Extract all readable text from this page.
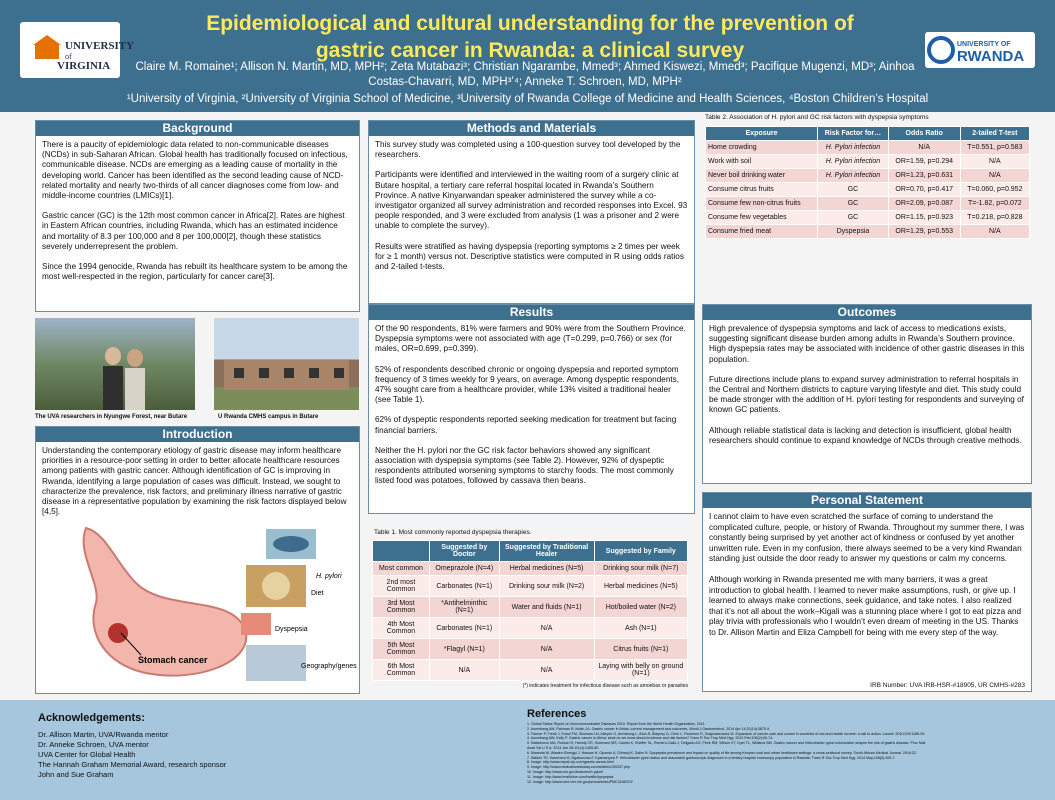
UNIVERSITY
of
VIRGINIA
Epidemiological and cultural understanding for the prevention of
gastric cancer in Rwanda: a clinical survey
Claire M. Romaine¹; Allison N. Martin, MD, MPH²; Zeta Mutabazi³; Christian Ngarambe, Mmed³; Ahmed Kiswezi, Mmed³; Pacifique Mugenzi, MD³; Ainhoa Costas-Chavarri, MD, MPH³ʼ⁴; Anneke T. Schroen, MD, MPH²
¹University of Virginia, ²University of Virginia School of Medicine, ³University of Rwanda College of Medicine and Health Sciences, ⁴Boston Children’s Hospital
UNIVERSITY OF
RWANDA
Background

There is a paucity of epidemiologic data related to non-communicable diseases (NCDs) in sub-Saharan African. Global health has traditionally focused on infectious, communicable disease. NCDs are emerging as a leading cause of mortality in the developing world. Cancer has been identified as the second leading cause of NCD-related mortality and nearly two-thirds of all cancer diagnoses come from low- and middle-income countries (LMICs)[1].

Gastric cancer (GC) is the 12th most common cancer in Africa[2]. Rates are highest in Eastern African countries, including Rwanda, which has an estimated incidence and mortality of 8.3 per 100,000 and 8 per 100,000[2], though these statistics severely underrepresent the problem.

Since the 1994 genocide, Rwanda has rebuilt its healthcare system to be among the most well-respected in the region, particularly for cancer care[3].

The UVA researchers in Nyungwe Forest, near Butare	U Rwanda CMHS campus in Butare
Introduction

Understanding the contemporary etiology of gastric disease may inform healthcare priorities in a resource-poor setting in order to better allocate healthcare resources among patients with gastric cancer. Although identification of GC is improving in Rwanda, identifying a large population of cases was difficult. Instead, we sought to characterize the prevalence, risk factors, and preliminary illness narrative of gastric disease in a representative population by examining the risk factors displayed below [4,5].

Stomach cancer
H. pylori
Diet
Dyspepsia
Geography/genes
Methods and Materials

This survey study was completed using a 100-question survey tool developed by the researchers.

Participants were identified and interviewed in the waiting room of a surgery clinic at Butare hospital, a tertiary care referral hospital located in Rwanda’s Southern Province. A native Kinyarwandan speaker administered the survey while a co-investigator organized all survey administration and recorded responses into Excel. 93 people responded, and 3 were excluded from analysis (1 was a prisoner and 2 were unable to complete the survey).

Results were stratified as having dyspepsia (reporting symptoms ≥ 2 times per week for ≥ 1 month) versus not. Descriptive statistics were computed in R using odds ratios and 2-tailed t-tests.

Results

Of the 90 respondents, 81% were farmers and 90% were from the Southern Province. Dyspepsia symptoms were not associated with age (T=0.299, p=0.766) or sex (for males, OR=0.699, p=0.399).

52% of respondents described chronic or ongoing dyspepsia and reported symptom frequency of 3 times weekly for 9 years, on average. Among dyspeptic respondents, 47% sought care from a healthcare provider, while 13% visited a traditional healer (see Table 1).

62% of dyspeptic respondents reported seeking medication for treatment but facing financial barriers.

Neither the H. pylori nor the GC risk factor behaviors showed any significant association with dyspepsia symptoms (see Table 2). However, 92% of dyspeptic respondents attributed worsening symptoms to starchy foods. The most commonly listed food was potatoes, followed by cassava then beans.

Table 1. Most commonly reported dyspepsia therapies.
	Suggested by Doctor	Suggested by Traditional Healer	Suggested by Family
Most common	Omeprazole (N=4)	Herbal medicines (N=5)	Drinking sour milk (N=7)
2nd most Common	Carbonates (N=1)	Drinking sour milk (N=2)	Herbal medicines (N=5)
3rd Most Common	*Antihelminthic (N=1)	Water and fluids (N=1)	Hot/boiled water (N=2)
4th Most Common	Carbonates (N=1)	N/A	Ash (N=1)
5th Most Common	*Flagyl (N=1)	N/A	Citrus fruits (N=1)
6th Most Common	N/A	N/A	Laying with belly on ground (N=1)
(*) indicates treatment for infectious disease such as amoebas or parasites
Table 2. Association of H. pylori and GC risk factors with dyspepsia symptoms
Exposure	Risk Factor for…	Odds Ratio	2-tailed T-test
Home crowding	H. Pylori infection	N/A	T=0.551, p=0.583
Work with soil	H. Pylori infection	OR=1.59, p=0.294	N/A
Never boil drinking water	H. Pylori infection	OR=1.23, p=0.631	N/A
Consume citrus fruits	GC	OR=0.70, p=0.417	T=0.060, p=0.952
Consume few non-citrus fruits	GC	OR=2.09, p=0.087	T=-1.82, p=0.072
Consume few vegetables	GC	OR=1.15, p=0.923	T=0.218, p=0.828
Consume fried meat	Dyspepsia	OR=1.29, p=0.553	N/A
Outcomes

High prevalence of dyspepsia symptoms and lack of access to medications exists, suggesting significant disease burden among adults in Rwanda’s Southern province. High dyspepsia rates may be associated with incidence of other gastric diseases in this population.

Future directions include plans to expand survey administration to referral hospitals in the Central and Northern districts to capture varying lifestyle and diet. This study could be made stronger with the addition of H. pylori testing for respondents and surveying of known GC patients.

Although reliable statistical data is lacking and detection is insufficient, global health researchers should continue to expand knowledge of NCDs through creative methods.

Personal Statement

I cannot claim to have even scratched the surface of coming to understand the complicated culture, people, or history of Rwanda. Throughout my summer there, I was constantly being surprised by yet another act of kindness or confused by yet another unwritten rule. Even in my confusion, there always seemed to be a very kind Rwandan standing just outside the door ready to answer my questions or calm my concerns.

Although working in Rwanda presented me with many barriers, it was a great introduction to global health. I learned to never make assumptions, rush, or give up. I learned to always make connections, seek guidance, and take notes. I also realized that it’s not all about the work–Kigali was a stunning place where I got to eat pizza and play trivia with professionals who I wouldn’t even dream of meeting in the US. Thanks to Dr. Allison Martin and Eliza Campbell for being with me every step of the way.

IRB Number: UVA IRB-HSR-#18905, UR CMHS-#283
Acknowledgements:
Dr. Allison Martin, UVA/Rwanda mentor
Dr. Anneke Schroen, UVA mentor
UVA Center for Global Health
The Hannah Graham Memorial Award, research sponsor
John and Sue Graham
References
1. Global Status Report on Noncommunicable Diseases 2010. Report from the World Health Organization, 2011.
2. Asombang AW, Rahman R, Ibdah JA. Gastric cancer in Africa: current management and outcomes. World J Gastroenterol. 2014 Apr 14;20(14):3875-9.
3. Farmer P, Frenk J, Knaul FM, Shulman LN, Alleyne G, Armstrong L, Atun R, Blayney D, Chen L, Feachem R, Gospodarowicz M. Expansion of cancer care and control in countries of low and middle income: a call to action. Lancet. 2010;376:1186-93.
4. Asombang AW, Kelly P. Gastric cancer in Africa: what do we know about incidence and risk factors? Trans R Soc Trop Med Hyg. 2012 Feb;106(2):69-74.
5. Matamoros MA, Roesch R, Hamdy CR, Sorensen MS, Cashin K, Sheffer SL, Romero-Gallo J, Delgado AG, Peek RM, Wilson KT, Dyer TL, Williams BM. Gastric cancer and Helicobacter pylori colonization shapes the risk of gastric disease. Proc Natl Acad Sci U S A. 2014 Jan 28;111(4):1455-60.
6. Mwanda W, Wawire-Ehengyi J, Hassan H, Opondo A, Dhiranji K, Salim N. Dyspepsia prevalence and impact on quality of life among Kenyan rural and urban healthcare settings: a cross-sectional survey. South African Medical Journal. 2016;22.
7. Walker TD, Karemera M, Ngabonziza F, Kyamanywa P. Helicobacter pylori status and associated gastroscopic diagnoses in a tertiary hospital endoscopy population in Rwanda. Trans R Soc Trop Med Hyg. 2014 May;108(5):305-7.
8. Image: http://www.nepal-vip.com/gastric-cancer.html
9. Image: http://www.medicalnewstoday.com/articles/159337.php
10. Image: http://www.cdc.gov/features/H-pylori/
11. Image: http://www.healthline.com/health/dyspepsia
12. Image: http://www.ncbi.nlm.nih.gov/pmc/articles/PMC3156370/
